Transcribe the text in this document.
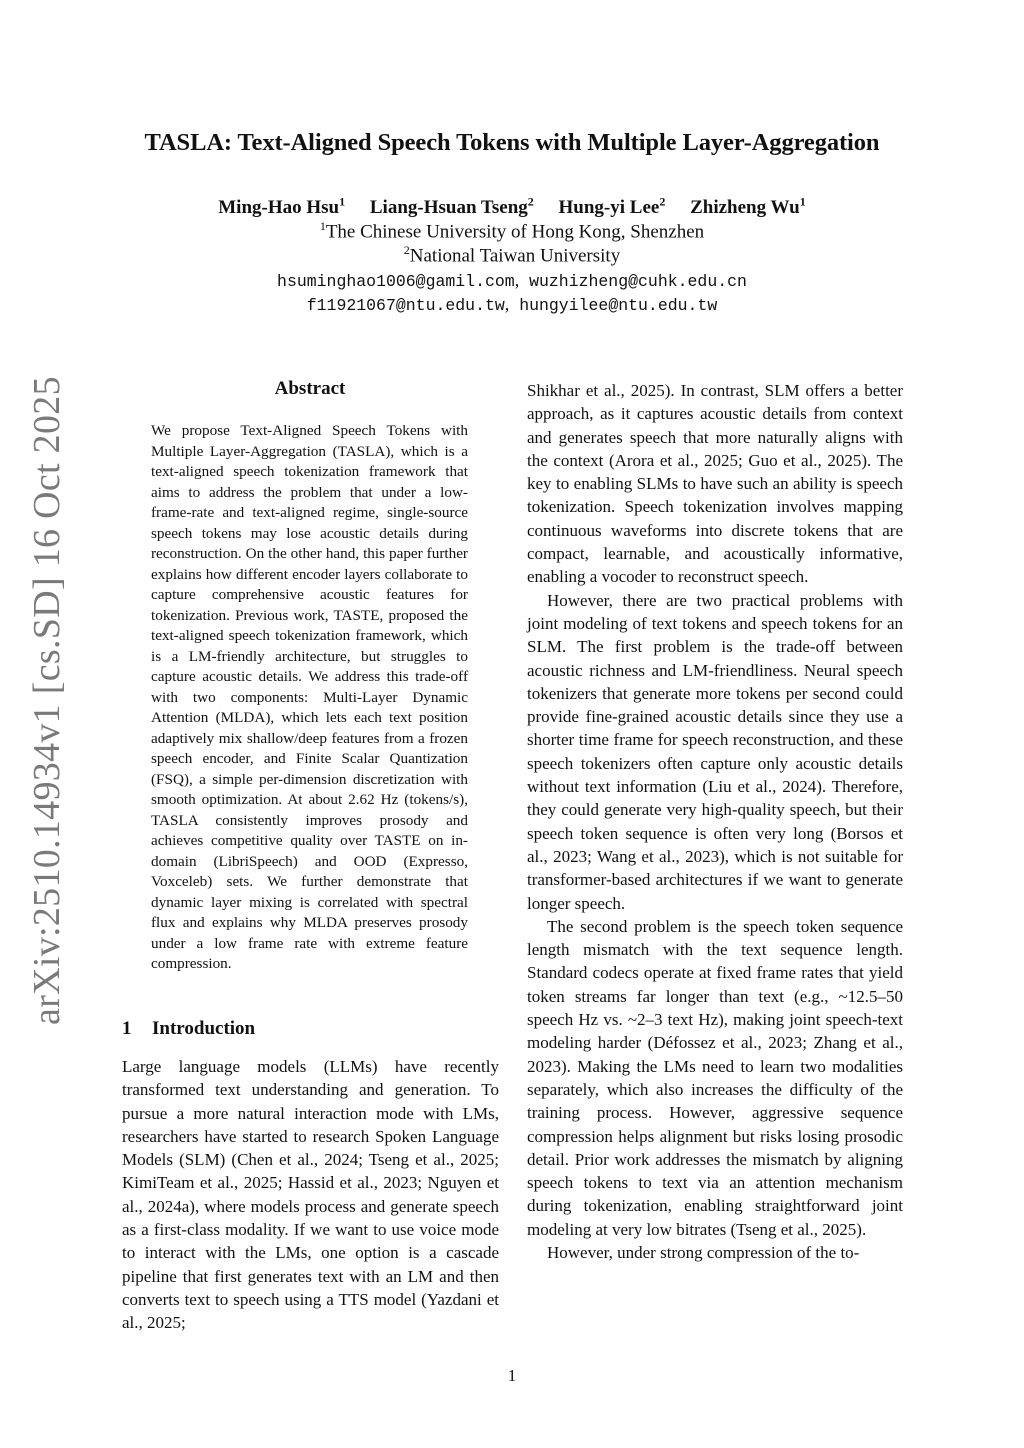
TASLA: Text-Aligned Speech Tokens with Multiple Layer-Aggregation
Ming-Hao Hsu$^1$ Liang-Hsuan Tseng$^2$ Hung-yi Lee$^2$ Zhizheng Wu$^1$
$^1$The Chinese University of Hong Kong, Shenzhen
$^2$National Taiwan University
hsuminghao1006@gamil.com, wuzhizheng@cuhk.edu.cn
f11921067@ntu.edu.tw, hungyilee@ntu.edu.tw
arXiv:2510.14934v1 [cs.SD] 16 Oct 2025	Abstract
We propose Text-Aligned Speech Tokens with Multiple Layer-Aggregation (TASLA), which is a text-aligned speech tokenization framework that aims to address the problem that under a low-frame-rate and text-aligned regime, single-source speech tokens may lose acoustic details during reconstruction. On the other hand, this paper further explains how different encoder layers collaborate to capture comprehensive acoustic features for tokenization. Previous work, TASTE, proposed the text-aligned speech tokenization framework, which is a LM-friendly architecture, but struggles to capture acoustic details. We address this trade-off with two components: Multi-Layer Dynamic Attention (MLDA), which lets each text position adaptively mix shallow/deep features from a frozen speech encoder, and Finite Scalar Quantization (FSQ), a simple per-dimension discretization with smooth optimization. At about 2.62 Hz (tokens/s), TASLA consistently improves prosody and achieves competitive quality over TASTE on in-domain (LibriSpeech) and OOD (Expresso, Voxceleb) sets. We further demonstrate that dynamic layer mixing is correlated with spectral flux and explains why MLDA preserves prosody under a low frame rate with extreme feature compression.
1 Introduction
Large language models (LLMs) have recently transformed text understanding and generation. To pursue a more natural interaction mode with LMs, researchers have started to research Spoken Language Models (SLM) (Chen et al., 2024; Tseng et al., 2025; KimiTeam et al., 2025; Hassid et al., 2023; Nguyen et al., 2024a), where models process and generate speech as a first-class modality. If we want to use voice mode to interact with the LMs, one option is a cascade pipeline that first generates text with an LM and then converts text to speech using a TTS model (Yazdani et al., 2025;

Shikhar et al., 2025). In contrast, SLM offers a better approach, as it captures acoustic details from context and generates speech that more naturally aligns with the context (Arora et al., 2025; Guo et al., 2025). The key to enabling SLMs to have such an ability is speech tokenization. Speech tokenization involves mapping continuous waveforms into discrete tokens that are compact, learnable, and acoustically informative, enabling a vocoder to reconstruct speech.

However, there are two practical problems with joint modeling of text tokens and speech tokens for an SLM. The first problem is the trade-off between acoustic richness and LM-friendliness. Neural speech tokenizers that generate more tokens per second could provide fine-grained acoustic details since they use a shorter time frame for speech reconstruction, and these speech tokenizers often capture only acoustic details without text information (Liu et al., 2024). Therefore, they could generate very high-quality speech, but their speech token sequence is often very long (Borsos et al., 2023; Wang et al., 2023), which is not suitable for transformer-based architectures if we want to generate longer speech.

The second problem is the speech token sequence length mismatch with the text sequence length. Standard codecs operate at fixed frame rates that yield token streams far longer than text (e.g., ~12.5–50 speech Hz vs. ~2–3 text Hz), making joint speech-text modeling harder (Défossez et al., 2023; Zhang et al., 2023). Making the LMs need to learn two modalities separately, which also increases the difficulty of the training process. However, aggressive sequence compression helps alignment but risks losing prosodic detail. Prior work addresses the mismatch by aligning speech tokens to text via an attention mechanism during tokenization, enabling straightforward joint modeling at very low bitrates (Tseng et al., 2025).

However, under strong compression of the to-

1
